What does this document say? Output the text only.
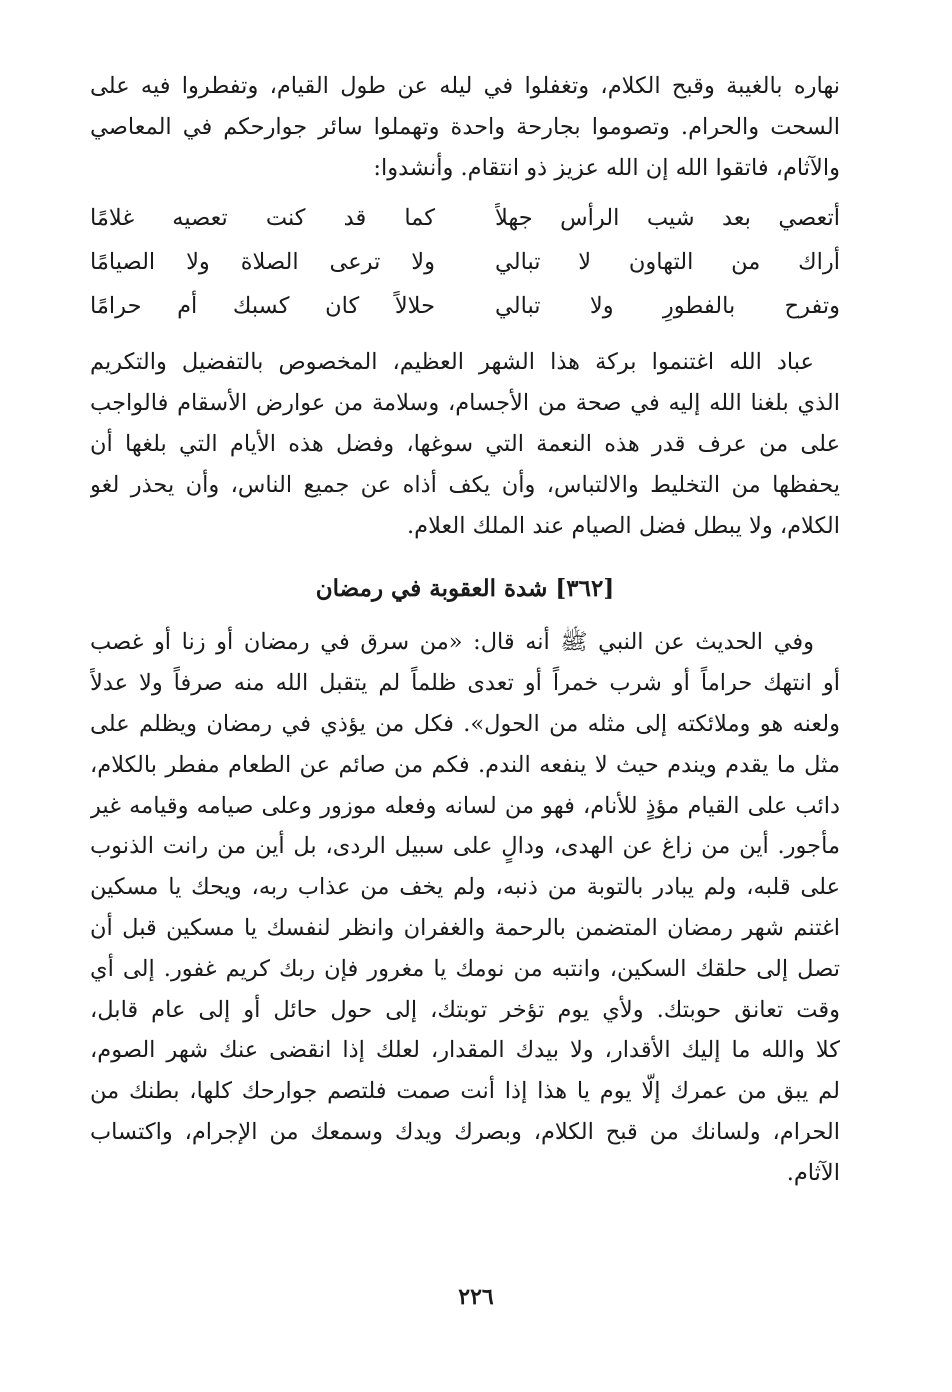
نهاره بالغيبة وقبح الكلام، وتغفلوا في ليله عن طول القيام، وتفطروا فيه على
السحت والحرام. وتصوموا بجارحة واحدة وتهملوا سائر جوارحكم في المعاصي
والآثام، فاتقوا الله إن الله عزيز ذو انتقام. وأنشدوا:
أتعصي بعد شيب الرأس جهلاً
كما قد كنت تعصيه غلامًا
أراك من التهاون لا تبالي
ولا ترعى الصلاة ولا الصيامًا
وتفرح بالفطورِ ولا تبالي
حلالاً كان كسبك أم حرامًا
عباد الله اغتنموا بركة هذا الشهر العظيم، المخصوص بالتفضيل والتكريم
الذي بلغنا الله إليه في صحة من الأجسام، وسلامة من عوارض الأسقام فالواجب
على من عرف قدر هذه النعمة التي سوغها، وفضل هذه الأيام التي بلغها أن
يحفظها من التخليط والالتباس، وأن يكف أذاه عن جميع الناس، وأن يحذر لغو
الكلام، ولا يبطل فضل الصيام عند الملك العلام.
[٣٦٢] شدة العقوبة في رمضان
وفي الحديث عن النبي ﷺ أنه قال: «من سرق في رمضان أو زنا أو غصب
أو انتهك حراماً أو شرب خمراً أو تعدى ظلماً لم يتقبل الله منه صرفاً ولا عدلاً
ولعنه هو وملائكته إلى مثله من الحول». فكل من يؤذي في رمضان ويظلم على
مثل ما يقدم ويندم حيث لا ينفعه الندم. فكم من صائم عن الطعام مفطر بالكلام،
دائب على القيام مؤذٍ للأنام، فهو من لسانه وفعله موزور وعلى صيامه وقيامه غير
مأجور. أين من زاغ عن الهدى، ودالٍ على سبيل الردى، بل أين من رانت الذنوب
على قلبه، ولم يبادر بالتوبة من ذنبه، ولم يخف من عذاب ربه، ويحك يا مسكين
اغتنم شهر رمضان المتضمن بالرحمة والغفران وانظر لنفسك يا مسكين قبل أن
تصل إلى حلقك السكين، وانتبه من نومك يا مغرور فإن ربك كريم غفور. إلى أي
وقت تعانق حوبتك. ولأي يوم تؤخر توبتك، إلى حول حائل أو إلى عام قابل،
كلا والله ما إليك الأقدار، ولا بيدك المقدار، لعلك إذا انقضى عنك شهر الصوم،
لم يبق من عمرك إلّا يوم يا هذا إذا أنت صمت فلتصم جوارحك كلها، بطنك من
الحرام، ولسانك من قبح الكلام، وبصرك ويدك وسمعك من الإجرام، واكتساب
الآثام.
٢٢٦
